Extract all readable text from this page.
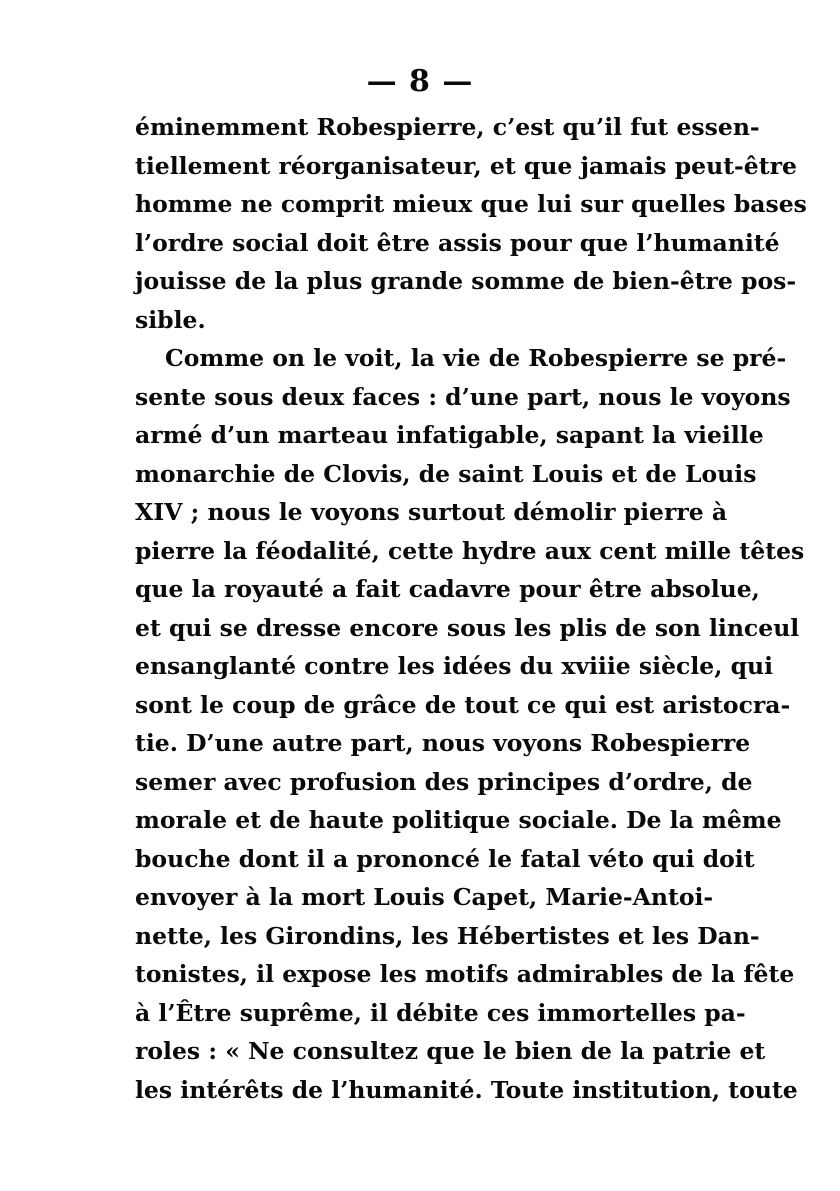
— 8 —
éminemment Robespierre, c’est qu’il fut essen-
tiellement réorganisateur, et que jamais peut-être
homme ne comprit mieux que lui sur quelles bases
l’ordre social doit être assis pour que l’humanité
jouisse de la plus grande somme de bien-être pos-
sible.
Comme on le voit, la vie de Robespierre se pré-
sente sous deux faces : d’une part, nous le voyons
armé d’un marteau infatigable, sapant la vieille
monarchie de Clovis, de saint Louis et de Louis
XIV ; nous le voyons surtout démolir pierre à
pierre la féodalité, cette hydre aux cent mille têtes
que la royauté a fait cadavre pour être absolue,
et qui se dresse encore sous les plis de son linceul
ensanglanté contre les idées du xviiie siècle, qui
sont le coup de grâce de tout ce qui est aristocra-
tie. D’une autre part, nous voyons Robespierre
semer avec profusion des principes d’ordre, de
morale et de haute politique sociale. De la même
bouche dont il a prononcé le fatal véto qui doit
envoyer à la mort Louis Capet, Marie-Antoi-
nette, les Girondins, les Hébertistes et les Dan-
tonistes, il expose les motifs admirables de la fête
à l’Être suprême, il débite ces immortelles pa-
roles : « Ne consultez que le bien de la patrie et
les intérêts de l’humanité. Toute institution, toute
